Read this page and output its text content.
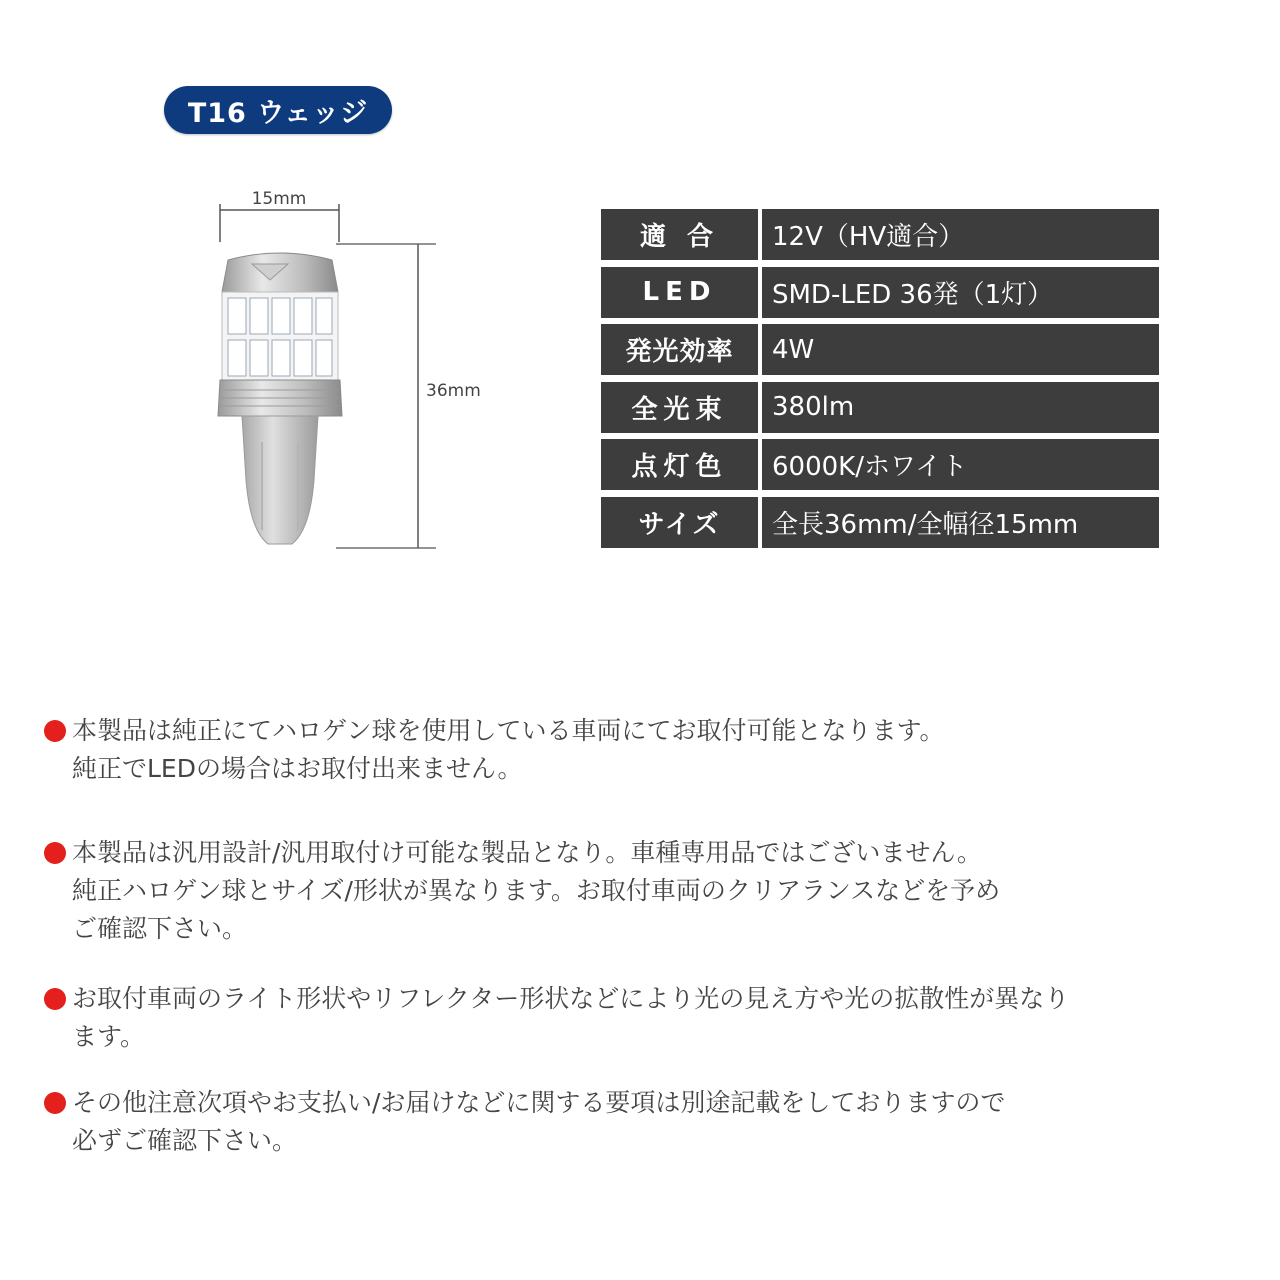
T16 ウェッジ
15mm
36mm
適 合	12V（HV適合）
LED	SMD-LED 36発（1灯）
発光効率	4W
全光束	380lm
点灯色	6000K/ホワイト
サイズ	全長36mm/全幅径15mm
本製品は純正にてハロゲン球を使用している車両にてお取付可能となります。
純正でLEDの場合はお取付出来ません。
本製品は汎用設計/汎用取付け可能な製品となり。車種専用品ではございません。
純正ハロゲン球とサイズ/形状が異なります。お取付車両のクリアランスなどを予め
ご確認下さい。
お取付車両のライト形状やリフレクター形状などにより光の見え方や光の拡散性が異なり
ます。
その他注意次項やお支払い/お届けなどに関する要項は別途記載をしておりますので
必ずご確認下さい。
